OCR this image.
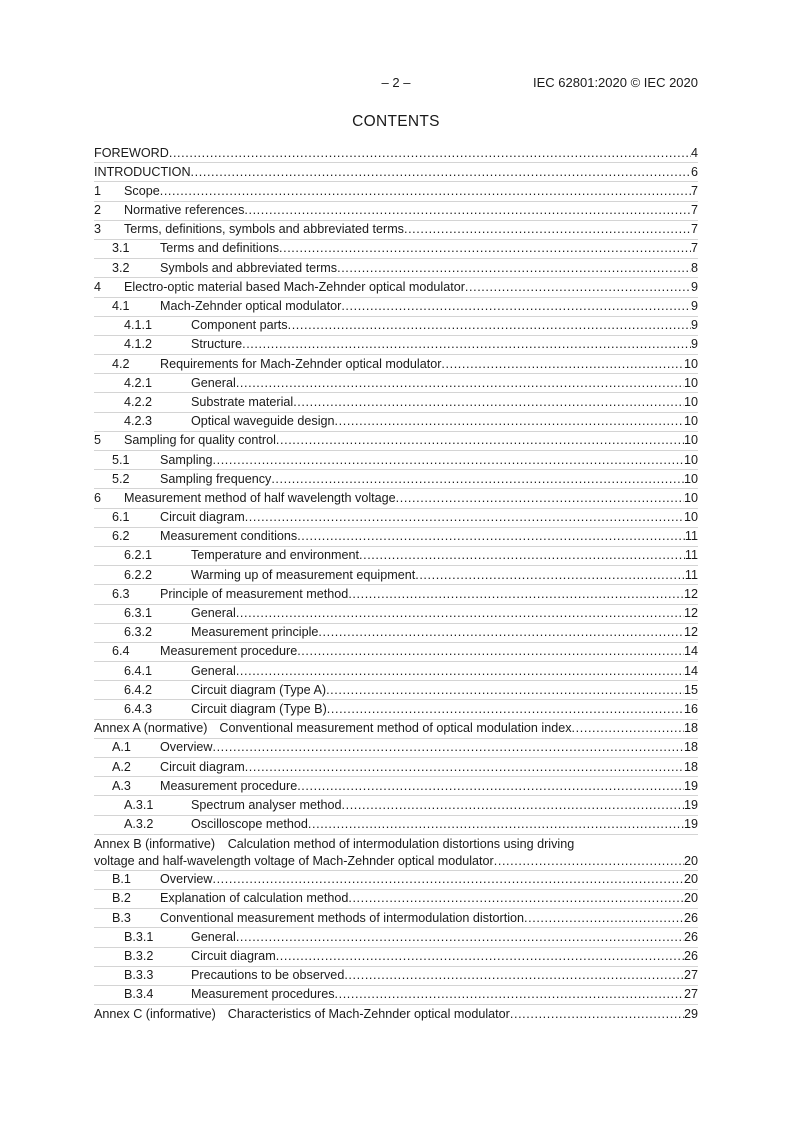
– 2 –	IEC 62801:2020 © IEC 2020
CONTENTS
FOREWORD .....	4
INTRODUCTION .....	6
1	Scope .....	7
2	Normative references .....	7
3	Terms, definitions, symbols and abbreviated terms .....	7
3.1	Terms and definitions .....	7
3.2	Symbols and abbreviated terms .....	8
4	Electro-optic material based Mach-Zehnder optical modulator .....	9
4.1	Mach-Zehnder optical modulator .....	9
4.1.1	Component parts .....	9
4.1.2	Structure .....	9
4.2	Requirements for Mach-Zehnder optical modulator .....	10
4.2.1	General .....	10
4.2.2	Substrate material .....	10
4.2.3	Optical waveguide design .....	10
5	Sampling for quality control .....	10
5.1	Sampling .....	10
5.2	Sampling frequency .....	10
6	Measurement method of half wavelength voltage .....	10
6.1	Circuit diagram .....	10
6.2	Measurement conditions .....	11
6.2.1	Temperature and environment .....	11
6.2.2	Warming up of measurement equipment .....	11
6.3	Principle of measurement method .....	12
6.3.1	General .....	12
6.3.2	Measurement principle .....	12
6.4	Measurement procedure .....	14
6.4.1	General .....	14
6.4.2	Circuit diagram (Type A) .....	15
6.4.3	Circuit diagram (Type B) .....	16
Annex A (normative) Conventional measurement method of optical modulation index .....	18
A.1	Overview .....	18
A.2	Circuit diagram .....	18
A.3	Measurement procedure .....	19
A.3.1	Spectrum analyser method .....	19
A.3.2	Oscilloscope method .....	19
Annex B (informative)  Calculation method of intermodulation distortions using driving
voltage and half-wavelength voltage of Mach-Zehnder optical modulator .....	20
B.1	Overview .....	20
B.2	Explanation of calculation method .....	20
B.3	Conventional measurement methods of intermodulation distortion .....	26
B.3.1	General .....	26
B.3.2	Circuit diagram .....	26
B.3.3	Precautions to be observed .....	27
B.3.4	Measurement procedures .....	27
Annex C (informative) Characteristics of Mach-Zehnder optical modulator .....	29
